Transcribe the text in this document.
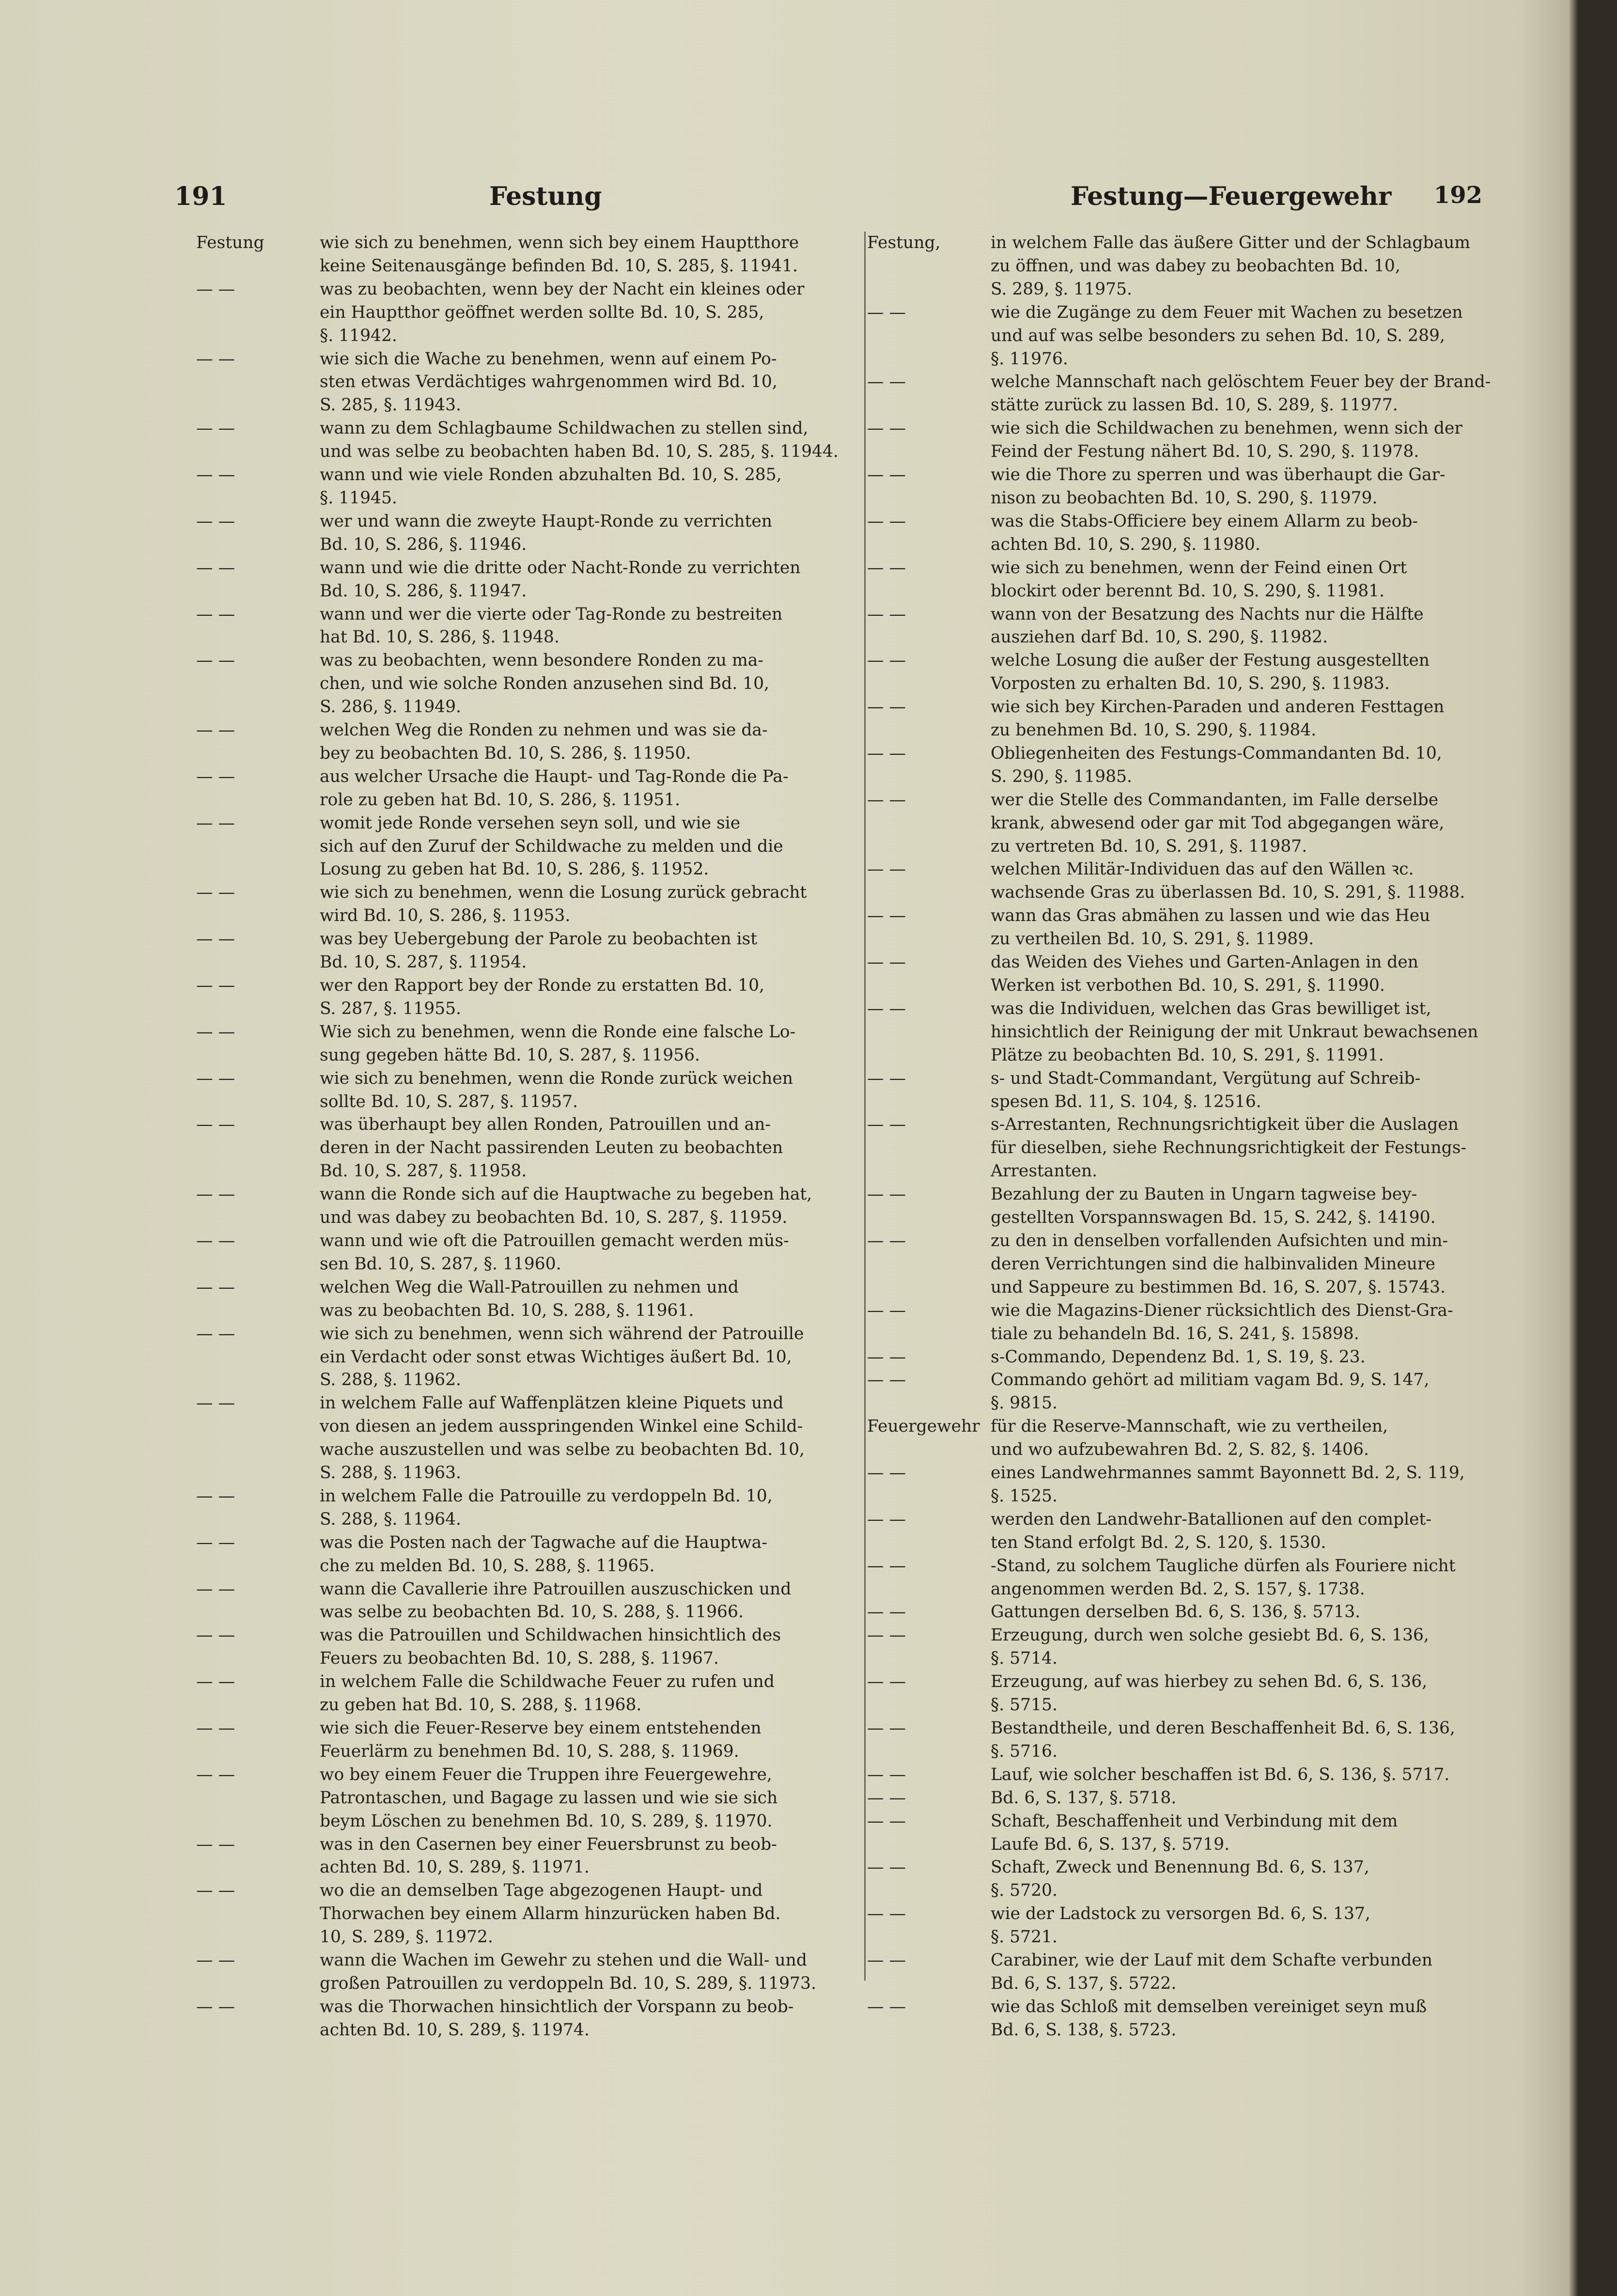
191	Festung	Festung—Feuergewehr 192
Festung	wie sich zu benehmen, wenn sich bey einem Hauptthore
keine Seitenausgänge befinden Bd. 10, S. 285, §. 11941.
— —	was zu beobachten, wenn bey der Nacht ein kleines oder
ein Hauptthor geöffnet werden sollte Bd. 10, S. 285,
§. 11942.
— —	wie sich die Wache zu benehmen, wenn auf einem Po-
sten etwas Verdächtiges wahrgenommen wird Bd. 10,
S. 285, §. 11943.
— —	wann zu dem Schlagbaume Schildwachen zu stellen sind,
und was selbe zu beobachten haben Bd. 10, S. 285, §. 11944.
— —	wann und wie viele Ronden abzuhalten Bd. 10, S. 285,
§. 11945.
— —	wer und wann die zweyte Haupt-Ronde zu verrichten
Bd. 10, S. 286, §. 11946.
— —	wann und wie die dritte oder Nacht-Ronde zu verrichten
Bd. 10, S. 286, §. 11947.
— —	wann und wer die vierte oder Tag-Ronde zu bestreiten
hat Bd. 10, S. 286, §. 11948.
— —	was zu beobachten, wenn besondere Ronden zu ma-
chen, und wie solche Ronden anzusehen sind Bd. 10,
S. 286, §. 11949.
— —	welchen Weg die Ronden zu nehmen und was sie da-
bey zu beobachten Bd. 10, S. 286, §. 11950.
— —	aus welcher Ursache die Haupt- und Tag-Ronde die Pa-
role zu geben hat Bd. 10, S. 286, §. 11951.
— —	womit jede Ronde versehen seyn soll, und wie sie
sich auf den Zuruf der Schildwache zu melden und die
Losung zu geben hat Bd. 10, S. 286, §. 11952.
— —	wie sich zu benehmen, wenn die Losung zurück gebracht
wird Bd. 10, S. 286, §. 11953.
— —	was bey Uebergebung der Parole zu beobachten ist
Bd. 10, S. 287, §. 11954.
— —	wer den Rapport bey der Ronde zu erstatten Bd. 10,
S. 287, §. 11955.
— —	Wie sich zu benehmen, wenn die Ronde eine falsche Lo-
sung gegeben hätte Bd. 10, S. 287, §. 11956.
— —	wie sich zu benehmen, wenn die Ronde zurück weichen
sollte Bd. 10, S. 287, §. 11957.
— —	was überhaupt bey allen Ronden, Patrouillen und an-
deren in der Nacht passirenden Leuten zu beobachten
Bd. 10, S. 287, §. 11958.
— —	wann die Ronde sich auf die Hauptwache zu begeben hat,
und was dabey zu beobachten Bd. 10, S. 287, §. 11959.
— —	wann und wie oft die Patrouillen gemacht werden müs-
sen Bd. 10, S. 287, §. 11960.
— —	welchen Weg die Wall-Patrouillen zu nehmen und
was zu beobachten Bd. 10, S. 288, §. 11961.
— —	wie sich zu benehmen, wenn sich während der Patrouille
ein Verdacht oder sonst etwas Wichtiges äußert Bd. 10,
S. 288, §. 11962.
— —	in welchem Falle auf Waffenplätzen kleine Piquets und
von diesen an jedem ausspringenden Winkel eine Schild-
wache auszustellen und was selbe zu beobachten Bd. 10,
S. 288, §. 11963.
— —	in welchem Falle die Patrouille zu verdoppeln Bd. 10,
S. 288, §. 11964.
— —	was die Posten nach der Tagwache auf die Hauptwa-
che zu melden Bd. 10, S. 288, §. 11965.
— —	wann die Cavallerie ihre Patrouillen auszuschicken und
was selbe zu beobachten Bd. 10, S. 288, §. 11966.
— —	was die Patrouillen und Schildwachen hinsichtlich des
Feuers zu beobachten Bd. 10, S. 288, §. 11967.
— —	in welchem Falle die Schildwache Feuer zu rufen und
zu geben hat Bd. 10, S. 288, §. 11968.
— —	wie sich die Feuer-Reserve bey einem entstehenden
Feuerlärm zu benehmen Bd. 10, S. 288, §. 11969.
— —	wo bey einem Feuer die Truppen ihre Feuergewehre,
Patrontaschen, und Bagage zu lassen und wie sie sich
beym Löschen zu benehmen Bd. 10, S. 289, §. 11970.
— —	was in den Casernen bey einer Feuersbrunst zu beob-
achten Bd. 10, S. 289, §. 11971.
— —	wo die an demselben Tage abgezogenen Haupt- und
Thorwachen bey einem Allarm hinzurücken haben Bd.
10, S. 289, §. 11972.
— —	wann die Wachen im Gewehr zu stehen und die Wall- und
großen Patrouillen zu verdoppeln Bd. 10, S. 289, §. 11973.
— —	was die Thorwachen hinsichtlich der Vorspann zu beob-
achten Bd. 10, S. 289, §. 11974.
Festung,	in welchem Falle das äußere Gitter und der Schlagbaum
zu öffnen, und was dabey zu beobachten Bd. 10,
S. 289, §. 11975.
— —	wie die Zugänge zu dem Feuer mit Wachen zu besetzen
und auf was selbe besonders zu sehen Bd. 10, S. 289,
§. 11976.
— —	welche Mannschaft nach gelöschtem Feuer bey der Brand-
stätte zurück zu lassen Bd. 10, S. 289, §. 11977.
— —	wie sich die Schildwachen zu benehmen, wenn sich der
Feind der Festung nähert Bd. 10, S. 290, §. 11978.
— —	wie die Thore zu sperren und was überhaupt die Gar-
nison zu beobachten Bd. 10, S. 290, §. 11979.
— —	was die Stabs-Officiere bey einem Allarm zu beob-
achten Bd. 10, S. 290, §. 11980.
— —	wie sich zu benehmen, wenn der Feind einen Ort
blockirt oder berennt Bd. 10, S. 290, §. 11981.
— —	wann von der Besatzung des Nachts nur die Hälfte
ausziehen darf Bd. 10, S. 290, §. 11982.
— —	welche Losung die außer der Festung ausgestellten
Vorposten zu erhalten Bd. 10, S. 290, §. 11983.
— —	wie sich bey Kirchen-Paraden und anderen Festtagen
zu benehmen Bd. 10, S. 290, §. 11984.
— —	Obliegenheiten des Festungs-Commandanten Bd. 10,
S. 290, §. 11985.
— —	wer die Stelle des Commandanten, im Falle derselbe
krank, abwesend oder gar mit Tod abgegangen wäre,
zu vertreten Bd. 10, S. 291, §. 11987.
— —	welchen Militär-Individuen das auf den Wällen ꝛc.
wachsende Gras zu überlassen Bd. 10, S. 291, §. 11988.
— —	wann das Gras abmähen zu lassen und wie das Heu
zu vertheilen Bd. 10, S. 291, §. 11989.
— —	das Weiden des Viehes und Garten-Anlagen in den
Werken ist verbothen Bd. 10, S. 291, §. 11990.
— —	was die Individuen, welchen das Gras bewilliget ist,
hinsichtlich der Reinigung der mit Unkraut bewachsenen
Plätze zu beobachten Bd. 10, S. 291, §. 11991.
— —	s- und Stadt-Commandant, Vergütung auf Schreib-
spesen Bd. 11, S. 104, §. 12516.
— —	s-Arrestanten, Rechnungsrichtigkeit über die Auslagen
für dieselben, siehe Rechnungsrichtigkeit der Festungs-
Arrestanten.
— —	Bezahlung der zu Bauten in Ungarn tagweise bey-
gestellten Vorspannswagen Bd. 15, S. 242, §. 14190.
— —	zu den in denselben vorfallenden Aufsichten und min-
deren Verrichtungen sind die halbinvaliden Mineure
und Sappeure zu bestimmen Bd. 16, S. 207, §. 15743.
— —	wie die Magazins-Diener rücksichtlich des Dienst-Gra-
tiale zu behandeln Bd. 16, S. 241, §. 15898.
— —	s-Commando, Dependenz Bd. 1, S. 19, §. 23.
— —	Commando gehört ad militiam vagam Bd. 9, S. 147,
§. 9815.
Feuergewehr für die Reserve-Mannschaft, wie zu vertheilen,
und wo aufzubewahren Bd. 2, S. 82, §. 1406.
— —	eines Landwehrmannes sammt Bayonnett Bd. 2, S. 119,
§. 1525.
— —	werden den Landwehr-Batallionen auf den complet-
ten Stand erfolgt Bd. 2, S. 120, §. 1530.
— —	-Stand, zu solchem Taugliche dürfen als Fouriere nicht
angenommen werden Bd. 2, S. 157, §. 1738.
— —	Gattungen derselben Bd. 6, S. 136, §. 5713.
— —	Erzeugung, durch wen solche gesiebt Bd. 6, S. 136,
§. 5714.
— —	Erzeugung, auf was hierbey zu sehen Bd. 6, S. 136,
§. 5715.
— —	Bestandtheile, und deren Beschaffenheit Bd. 6, S. 136,
§. 5716.
— —	Lauf, wie solcher beschaffen ist Bd. 6, S. 136, §. 5717.
— —	Bd. 6, S. 137, §. 5718.
— —	Schaft, Beschaffenheit und Verbindung mit dem
Laufe Bd. 6, S. 137, §. 5719.
— —	Schaft, Zweck und Benennung Bd. 6, S. 137,
§. 5720.
— —	wie der Ladstock zu versorgen Bd. 6, S. 137,
§. 5721.
— —	Carabiner, wie der Lauf mit dem Schafte verbunden
Bd. 6, S. 137, §. 5722.
— —	wie das Schloß mit demselben vereiniget seyn muß
Bd. 6, S. 138, §. 5723.
